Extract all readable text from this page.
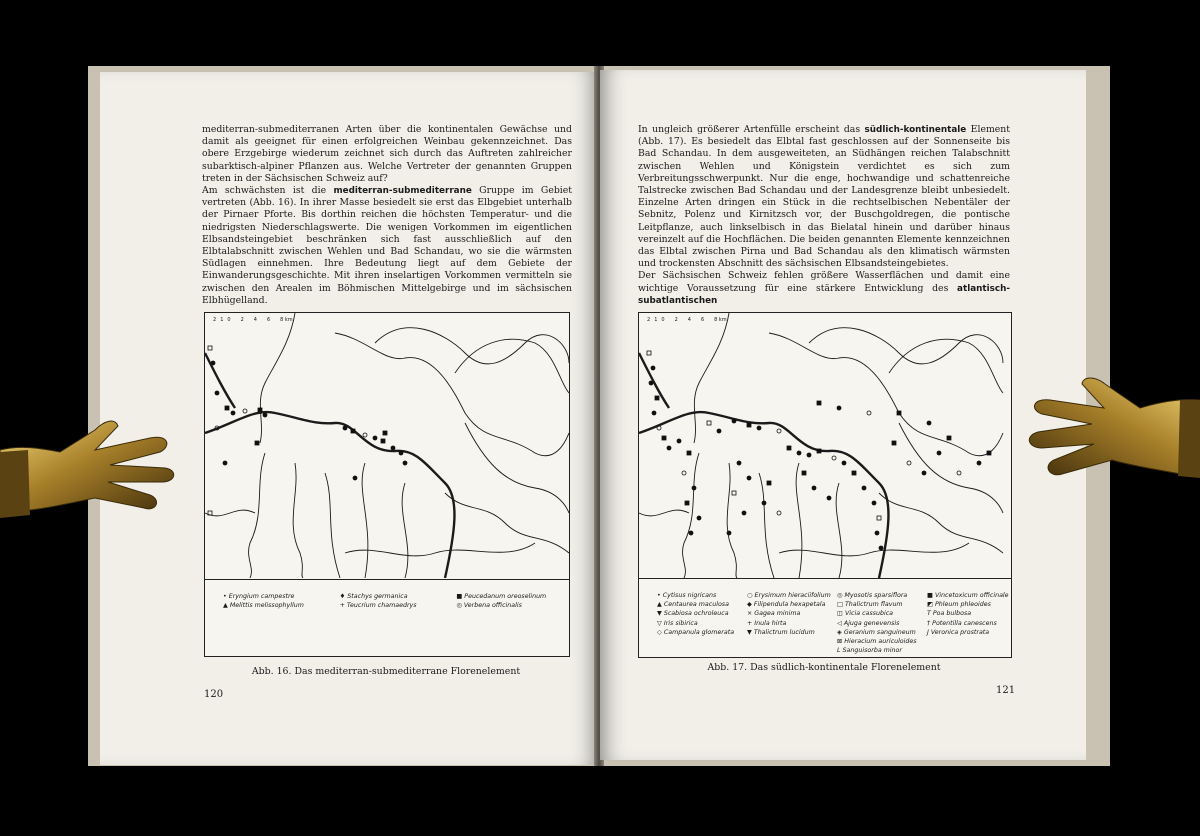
mediterran-submediterranen Arten über die kontinentalen Gewächse und damit als geeignet für einen erfolgreichen Weinbau gekennzeichnet. Das obere Erzgebirge wiederum zeichnet sich durch das Auftreten zahlreicher subarktisch-alpiner Pflanzen aus. Welche Vertreter der genannten Gruppen treten in der Sächsischen Schweiz auf?

Am schwächsten ist die mediterran-submediterrane Gruppe im Gebiet vertreten (Abb. 16). In ihrer Masse besiedelt sie erst das Elbgebiet unterhalb der Pirnaer Pforte. Bis dorthin reichen die höchsten Temperatur- und die niedrigsten Niederschlagswerte. Die wenigen Vorkommen im eigentlichen Elbsandsteingebiet beschränken sich fast ausschließlich auf den Elbtalabschnitt zwischen Wehlen und Bad Schandau, wo sie die wärmsten Südlagen einnehmen. Ihre Bedeutung liegt auf dem Gebiete der Einwanderungsgeschichte. Mit ihren inselartigen Vorkommen vermitteln sie zwischen den Arealen im Böhmischen Mittelgebirge und im sächsischen Elbhügelland.

2 1 0 2 4 6 8 km
• Eryngium campestre
▲ Melittis melissophyllum
♦ Stachys germanica
+ Teucrium chamaedrys
■ Peucedanum oreoselinum
◎ Verbena officinalis
Abb. 16. Das mediterran-submediterrane Florenelement
120

In ungleich größerer Artenfülle erscheint das südlich-kontinentale Element (Abb. 17). Es besiedelt das Elbtal fast geschlossen auf der Sonnenseite bis Bad Schandau. In dem ausgeweiteten, an Südhängen reichen Talabschnitt zwischen Wehlen und Königstein verdichtet es sich zum Verbreitungsschwerpunkt. Nur die enge, hochwandige und schattenreiche Talstrecke zwischen Bad Schandau und der Landesgrenze bleibt unbesiedelt. Einzelne Arten dringen ein Stück in die rechtselbischen Nebentäler der Sebnitz, Polenz und Kirnitzsch vor, der Buschgoldregen, die pontische Leitpflanze, auch linkselbisch in das Bielatal hinein und darüber hinaus vereinzelt auf die Hochflächen. Die beiden genannten Elemente kennzeichnen das Elbtal zwischen Pirna und Bad Schandau als den klimatisch wärmsten und trockensten Abschnitt des sächsischen Elbsandsteingebietes.

Der Sächsischen Schweiz fehlen größere Wasserflächen und damit eine wichtige Voraussetzung für eine stärkere Entwicklung des atlantisch-subatlantischen

2 1 0 2 4 6 8 km
• Cytisus nigricans
▲ Centaurea maculosa
▼ Scabiosa ochroleuca
▽ Iris sibirica
◇ Campanula glomerata
○ Erysimum hieraciifolium
◆ Filipendula hexapetala
× Gagea minima
+ Inula hirta
▼ Thalictrum lucidum
◎ Myosotis sparsiflora
□ Thalictrum flavum
◫ Vicia cassubica
◁ Ajuga genevensis
◈ Geranium sanguineum
⊠ Hieracium auriculoides
L Sanguisorba minor
■ Vincetoxicum officinale
◩ Phleum phleoides
T Poa bulbosa
† Potentilla canescens
J Veronica prostrata
Abb. 17. Das südlich-kontinentale Florenelement
121
